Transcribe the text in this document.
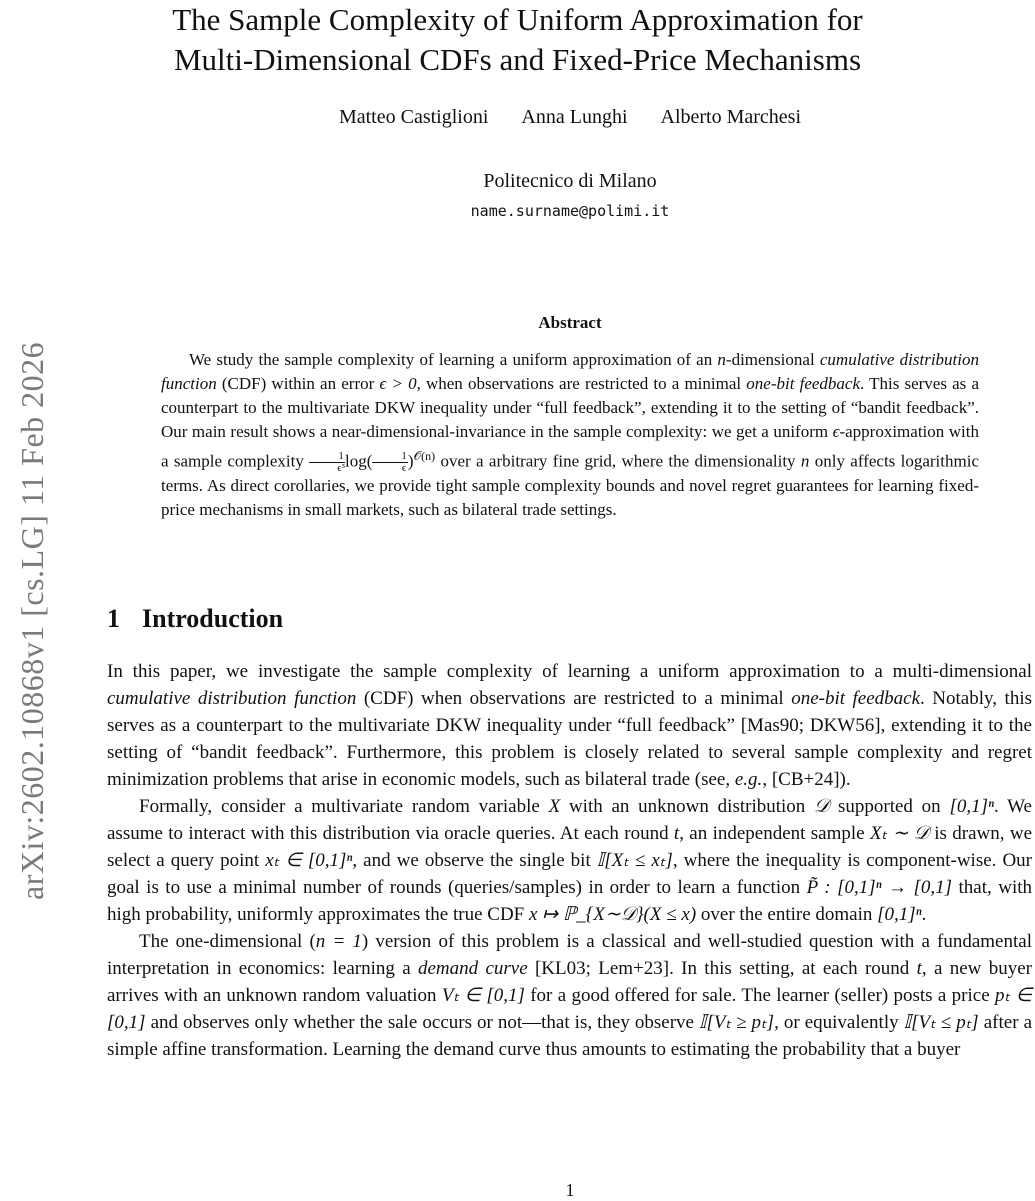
arXiv:2602.10868v1 [cs.LG] 11 Feb 2026
The Sample Complexity of Uniform Approximation for
Multi-Dimensional CDFs and Fixed-Price Mechanisms
Matteo Castiglioni Anna Lunghi Alberto Marchesi
Politecnico di Milano
name.surname@polimi.it
Abstract

We study the sample complexity of learning a uniform approximation of an n-dimensional cumulative distribution function (CDF) within an error ϵ > 0, when observations are restricted to a minimal one-bit feedback. This serves as a counterpart to the multivariate DKW inequality under “full feedback”, extending it to the setting of “bandit feedback”. Our main result shows a near-dimensional-invariance in the sample complexity: we get a uniform ϵ-approximation with a sample complexity $\frac{1}{\text{ϵ³}} \log( \frac{1}{\epsilon} )^{𝒪(n)}$ over a arbitrary fine grid, where the dimensionality n only affects logarithmic terms. As direct corollaries, we provide tight sample complexity bounds and novel regret guarantees for learning fixed-price mechanisms in small markets, such as bilateral trade settings.

1 Introduction

In this paper, we investigate the sample complexity of learning a uniform approximation to a multi-dimensional cumulative distribution function (CDF) when observations are restricted to a minimal one-bit feedback. Notably, this serves as a counterpart to the multivariate DKW inequality under “full feedback” [Mas90; DKW56], extending it to the setting of “bandit feedback”. Furthermore, this problem is closely related to several sample complexity and regret minimization problems that arise in economic models, such as bilateral trade (see, e.g., [CB+24]).

Formally, consider a multivariate random variable X with an unknown distribution 𝒟 supported on [0,1]ⁿ. We assume to interact with this distribution via oracle queries. At each round t, an independent sample Xₜ ∼ 𝒟 is drawn, we select a query point xₜ ∈ [0,1]ⁿ, and we observe the single bit 𝕀[Xₜ ≤ xₜ], where the inequality is component-wise. Our goal is to use a minimal number of rounds (queries/samples) in order to learn a function P̃ : [0,1]ⁿ → [0,1] that, with high probability, uniformly approximates the true CDF x ↦ ℙ_{X∼𝒟}(X ≤ x) over the entire domain [0,1]ⁿ.

The one-dimensional (n = 1) version of this problem is a classical and well-studied question with a fundamental interpretation in economics: learning a demand curve [KL03; Lem+23]. In this setting, at each round t, a new buyer arrives with an unknown random valuation Vₜ ∈ [0,1] for a good offered for sale. The learner (seller) posts a price pₜ ∈ [0,1] and observes only whether the sale occurs or not—that is, they observe 𝕀[Vₜ ≥ pₜ], or equivalently 𝕀[Vₜ ≤ pₜ] after a simple affine transformation. Learning the demand curve thus amounts to estimating the probability that a buyer

1
